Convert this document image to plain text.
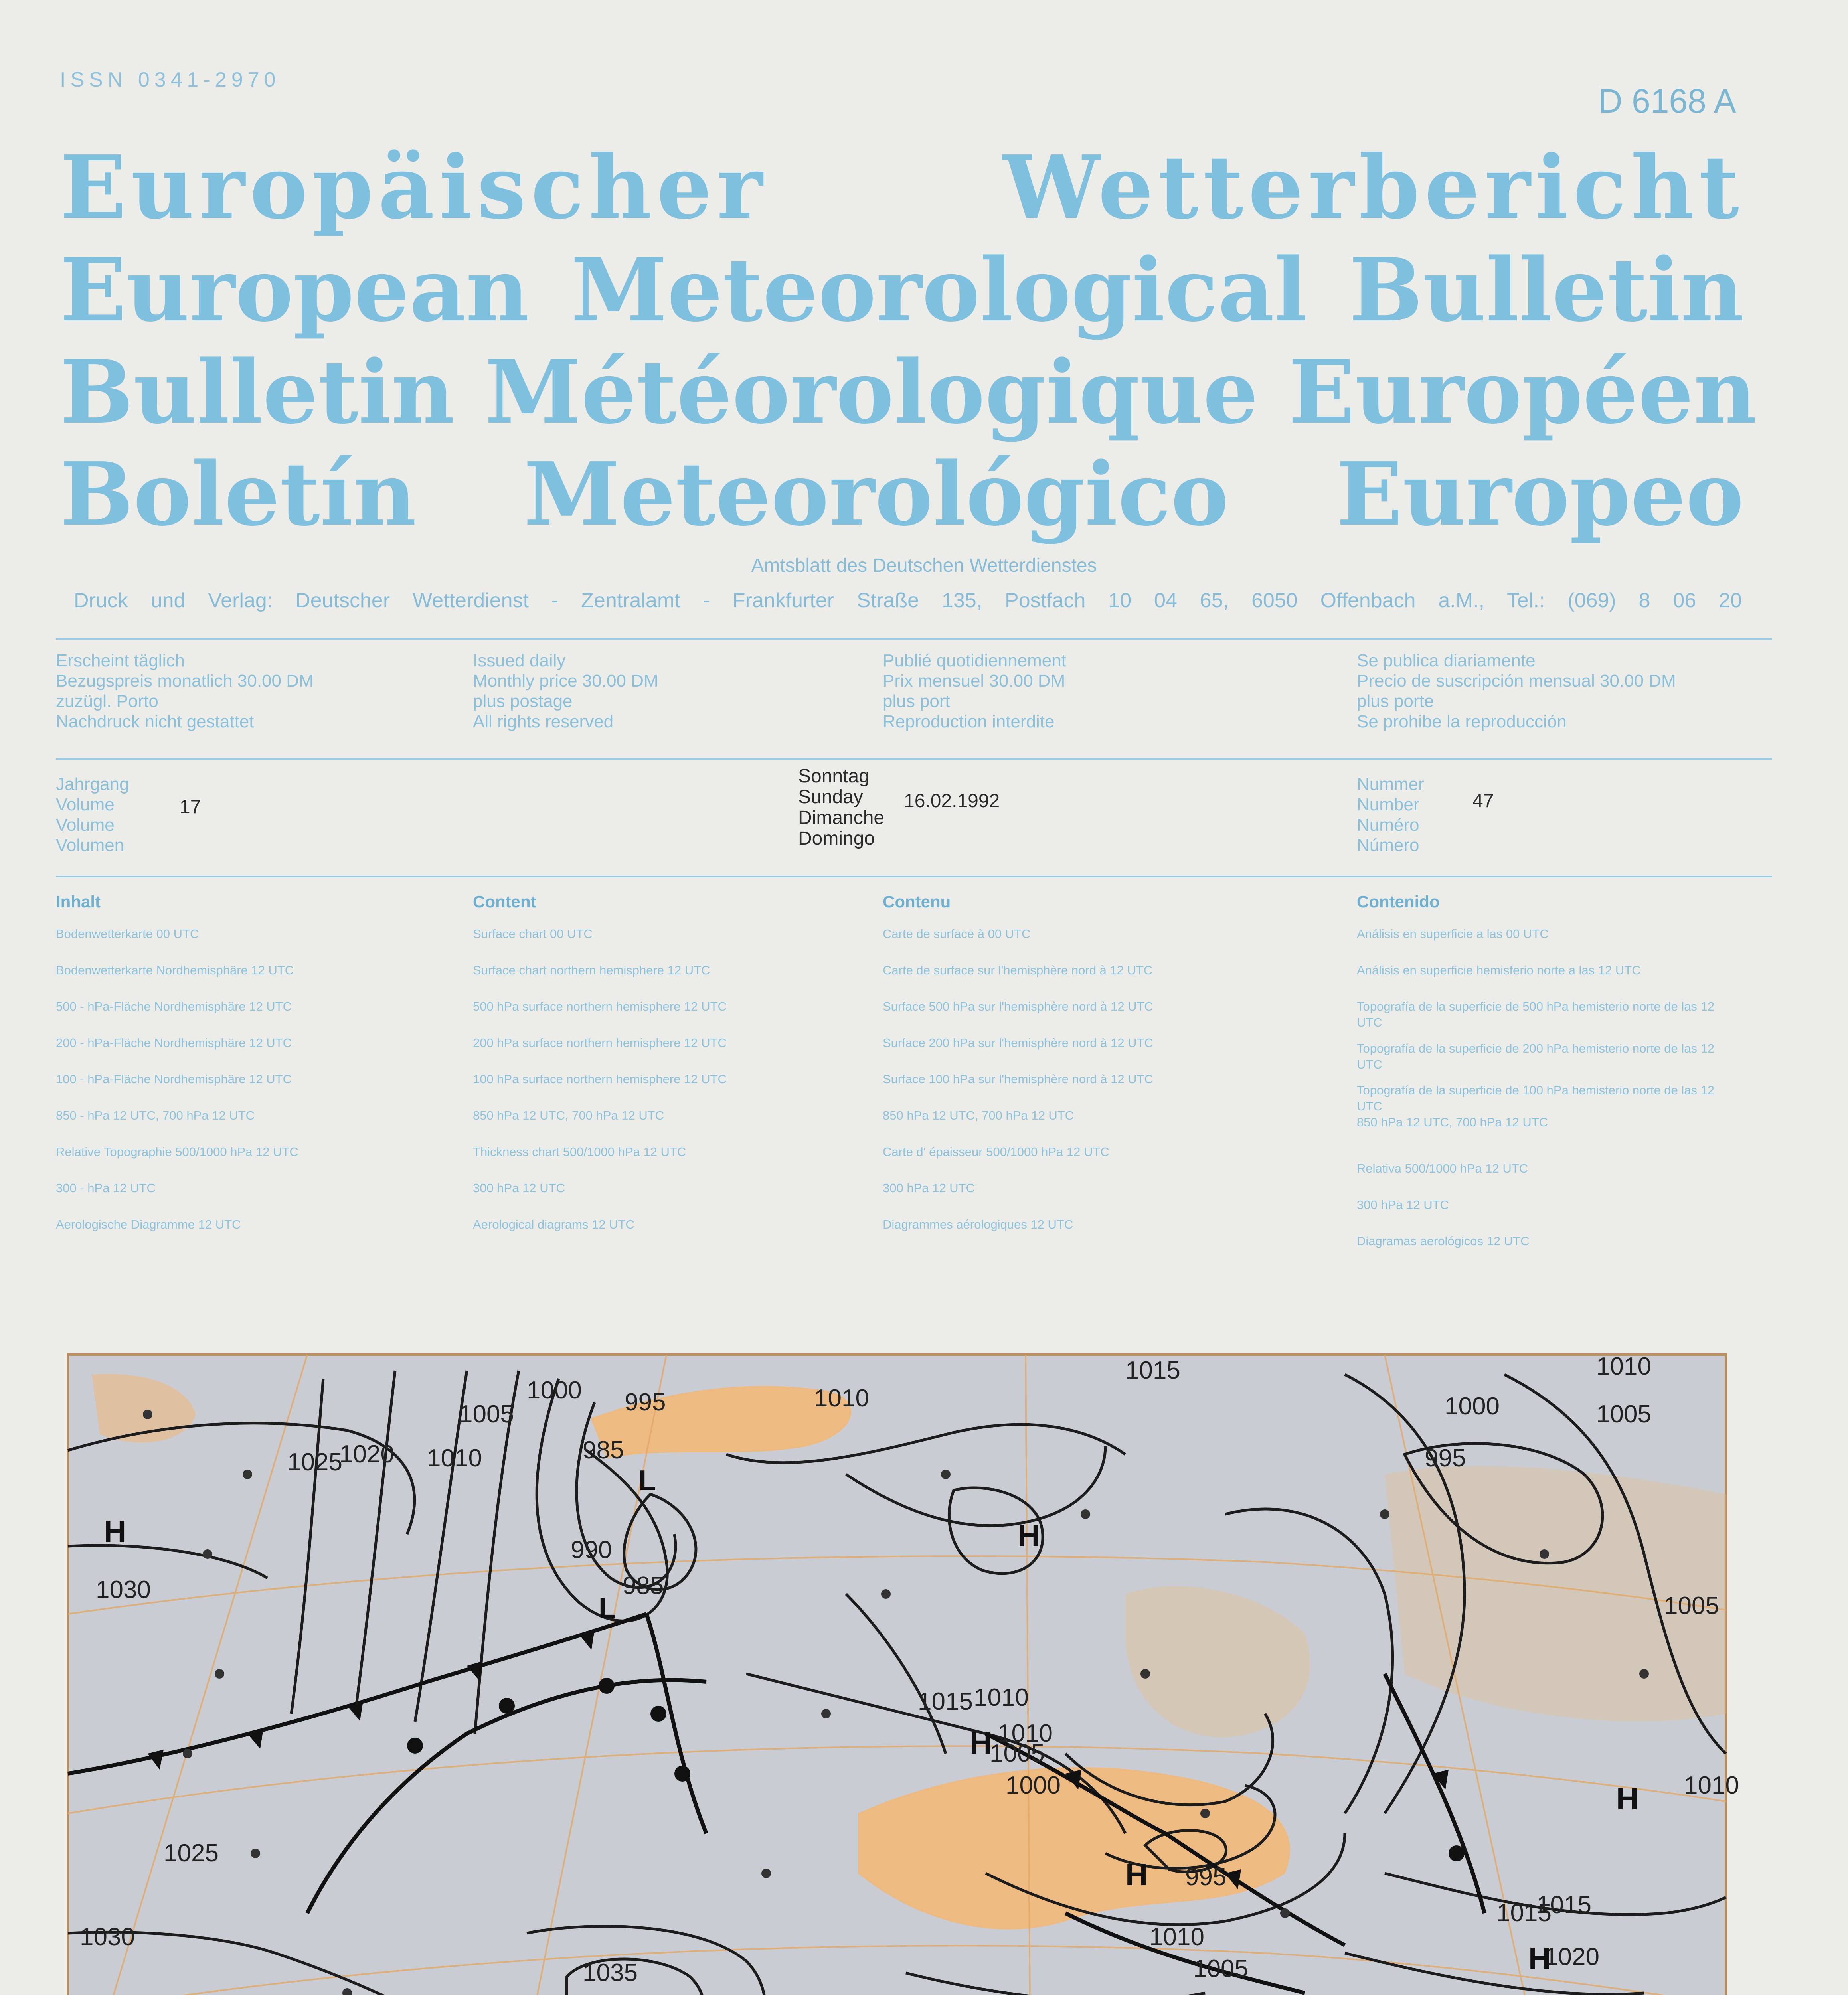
ISSN 0341-2970
D 6168 A
Europäischer Wetterbericht
European Meteorological Bulletin
Bulletin Météorologique Européen
Boletín Meteorológico Europeo
Amtsblatt des Deutschen Wetterdienstes
Druck und Verlag: Deutscher Wetterdienst - Zentralamt - Frankfurter Straße 135, Postfach 10 04 65, 6050 Offenbach a.M., Tel.: (069) 8 06 20
Erscheint täglich
Bezugspreis monatlich 30.00 DM
zuzügl. Porto
Nachdruck nicht gestattet
Issued daily
Monthly price 30.00 DM
plus postage
All rights reserved
Publié quotidiennement
Prix mensuel 30.00 DM
plus port
Reproduction interdite
Se publica diariamente
Precio de suscripción mensual 30.00 DM
plus porte
Se prohibe la reproducción
Jahrgang
Volume
Volume
Volumen
17
Sonntag
Sunday
Dimanche
Domingo
16.02.1992
Nummer
Number
Numéro
Número
47
Inhalt
Bodenwetterkarte 00 UTC
Bodenwetterkarte Nordhemisphäre 12 UTC
500 - hPa-Fläche Nordhemisphäre 12 UTC
200 - hPa-Fläche Nordhemisphäre 12 UTC
100 - hPa-Fläche Nordhemisphäre 12 UTC
850 - hPa 12 UTC, 700 hPa 12 UTC
Relative Topographie 500/1000 hPa 12 UTC
300 - hPa 12 UTC
Aerologische Diagramme 12 UTC
Content
Surface chart 00 UTC
Surface chart northern hemisphere 12 UTC
500 hPa surface northern hemisphere 12 UTC
200 hPa surface northern hemisphere 12 UTC
100 hPa surface northern hemisphere 12 UTC
850 hPa 12 UTC, 700 hPa 12 UTC
Thickness chart 500/1000 hPa 12 UTC
300 hPa 12 UTC
Aerological diagrams 12 UTC
Contenu
Carte de surface à 00 UTC
Carte de surface sur l'hemisphère nord à 12 UTC
Surface 500 hPa sur l'hemisphère nord à 12 UTC
Surface 200 hPa sur l'hemisphère nord à 12 UTC
Surface 100 hPa sur l'hemisphère nord à 12 UTC
850 hPa 12 UTC, 700 hPa 12 UTC
Carte d' épaisseur 500/1000 hPa 12 UTC
300 hPa 12 UTC
Diagrammes aérologiques 12 UTC
Contenido
Análisis en superficie a las 00 UTC
Análisis en superficie hemisferio norte a las 12 UTC
Topografía de la superficie de 500 hPa hemisterio norte de las 12 UTC
Topografía de la superficie de 200 hPa hemisterio norte de las 12 UTC
Topografía de la superficie de 100 hPa hemisterio norte de las 12 UTC
850 hPa 12 UTC, 700 hPa 12 UTC
Relativa 500/1000 hPa 12 UTC
300 hPa 12 UTC
Diagramas aerológicos 12 UTC
1015
1005
1010
1000 995
1025
1020 1010
990
985
985
1030
1025
1030
1035
1015 1010
1005
1000
995
1010
1005
1015
1010
1005
1000
995
1015
1020
1010
1005
1010
H
L
L
H
H
H
H
H
